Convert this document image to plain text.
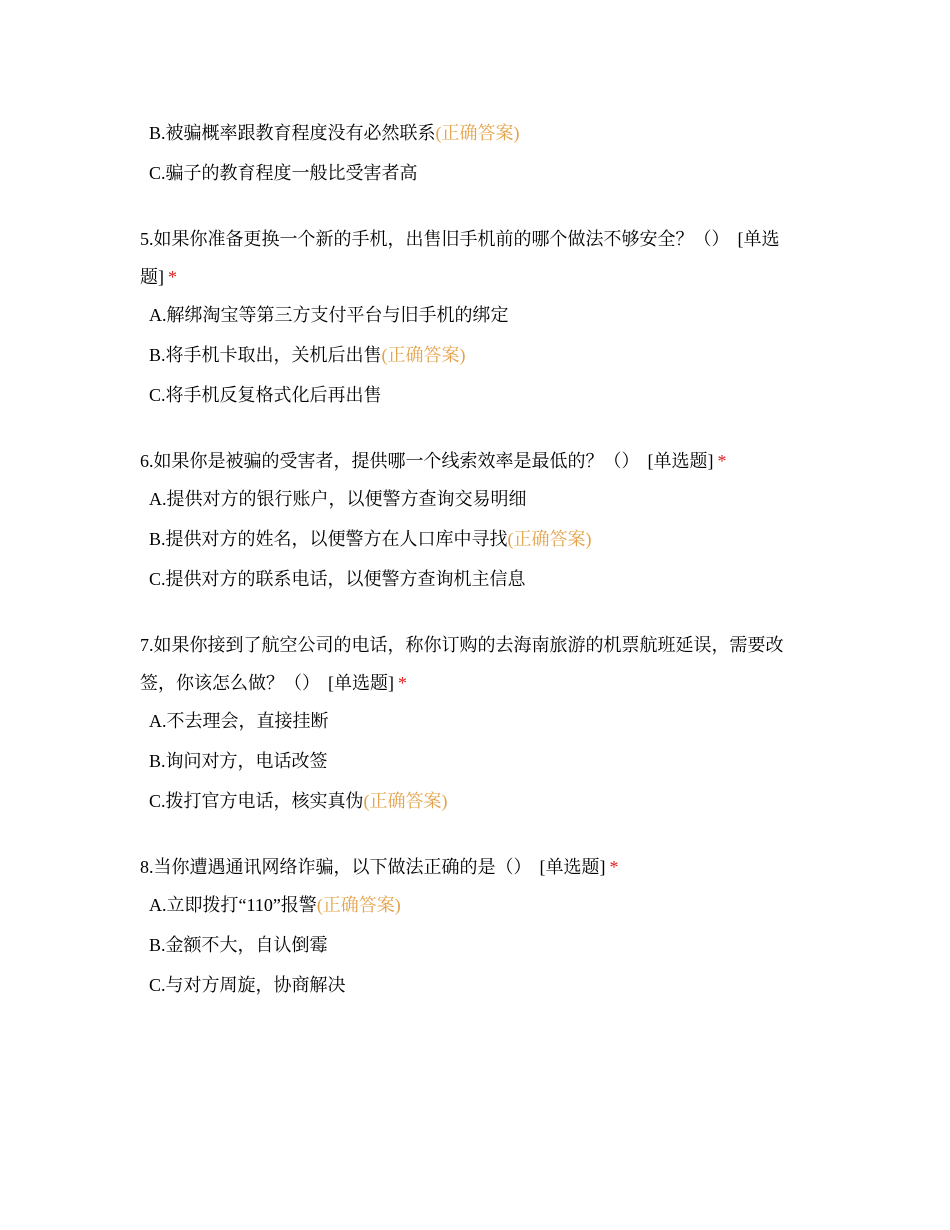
B.被骗概率跟教育程度没有必然联系(正确答案)
C.骗子的教育程度一般比受害者高
5.如果你准备更换一个新的手机，出售旧手机前的哪个做法不够安全？（） [单选题] *
A.解绑淘宝等第三方支付平台与旧手机的绑定
B.将手机卡取出，关机后出售(正确答案)
C.将手机反复格式化后再出售
6.如果你是被骗的受害者，提供哪一个线索效率是最低的？（） [单选题] *
A.提供对方的银行账户，以便警方查询交易明细
B.提供对方的姓名，以便警方在人口库中寻找(正确答案)
C.提供对方的联系电话，以便警方查询机主信息
7.如果你接到了航空公司的电话，称你订购的去海南旅游的机票航班延误，需要改签，你该怎么做？（） [单选题] *
A.不去理会，直接挂断
B.询问对方，电话改签
C.拨打官方电话，核实真伪(正确答案)
8.当你遭遇通讯网络诈骗，以下做法正确的是（） [单选题] *
A.立即拨打“110”报警(正确答案)
B.金额不大，自认倒霉
C.与对方周旋，协商解决
